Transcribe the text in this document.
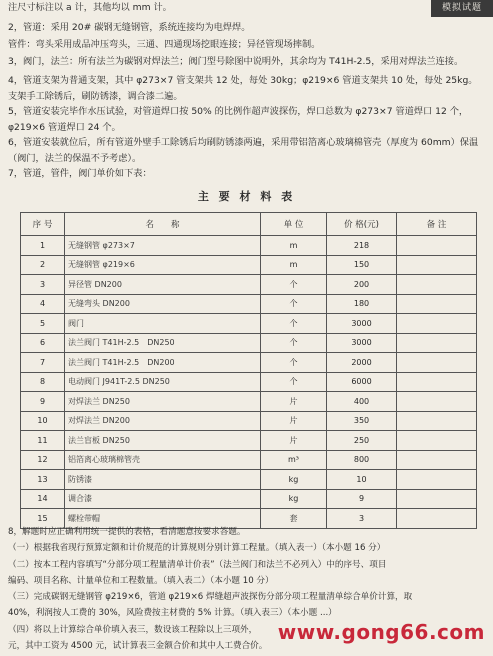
模拟试题
注尺寸标注以 a 计，其他均以 mm 计。
2，管道：采用 20# 碳钢无缝钢管，系统连接均为电焊焊。
管件：弯头采用成品冲压弯头，三通、四通现场挖眼连接；异径管现场摔制。
3，阀门，法兰：所有法兰为碳钢对焊法兰；阀门型号除图中说明外，其余均为 T41H-2.5，采用对焊法兰连接。
4，管道支架为普通支架，其中 φ273×7 管支架共 12 处，每处 30kg；φ219×6 管道支架共 10 处，每处 25kg。支架手工除锈后，刷防锈漆，调合漆二遍。
5，管道安装完毕作水压试验，对管道焊口按 50% 的比例作超声波探伤，焊口总数为 φ273×7 管道焊口 12 个，φ219×6 管道焊口 24 个。
6，管道安装就位后，所有管道外壁手工除锈后均刷防锈漆两遍，采用带铝箔离心玻璃棉管壳（厚度为 60mm）保温（阀门，法兰的保温不予考虑）。
7，管道，管件，阀门单价如下表：
主 要 材 料 表
序 号	名　　称	单 位	价 格(元)	备 注
1	无缝钢管 φ273×7	m	218	
2	无缝钢管 φ219×6	m	150	
3	异径管 DN200	个	200	
4	无缝弯头 DN200	个	180	
5	阀门	个	3000	
6	法兰阀门 T41H-2.5　DN250	个	3000	
7	法兰阀门 T41H-2.5　DN200	个	2000	
8	电动阀门 J941T-2.5 DN250	个	6000	
9	对焊法兰 DN250	片	400	
10	对焊法兰 DN200	片	350	
11	法兰盲板 DN250	片	250	
12	铝箔离心玻璃棉管壳	m³	800	
13	防锈漆	kg	10	
14	调合漆	kg	9	
15	螺栓带帽	套	3	
8，解题时应正确利用统一提供的表格，看清题意按要求答题。
（一）根据我省现行预算定额和计价规范的计算规则分别计算工程量。（填入表一）（本小题 16 分）
（二）按本工程内容填写“分部分项工程量清单计价表”（法兰阀门和法兰不必列入）中的序号、项目
编码、项目名称、计量单位和工程数量。（填入表二）（本小题 10 分）
（三）完成碳钢无缝钢管 φ219×6，管道 φ219×6 焊缝超声波探伤分部分项工程量清单综合单价计算，取
40%，利润按人工费的 30%，风险费按主材费的 5% 计算。（填入表三）（本小题 ...）
（四）将以上计算综合单价填入表三，数设该工程除以上三项外，
元，其中工资为 4500 元，试计算表三金额合价和其中人工费合价。
www.gong66.com
